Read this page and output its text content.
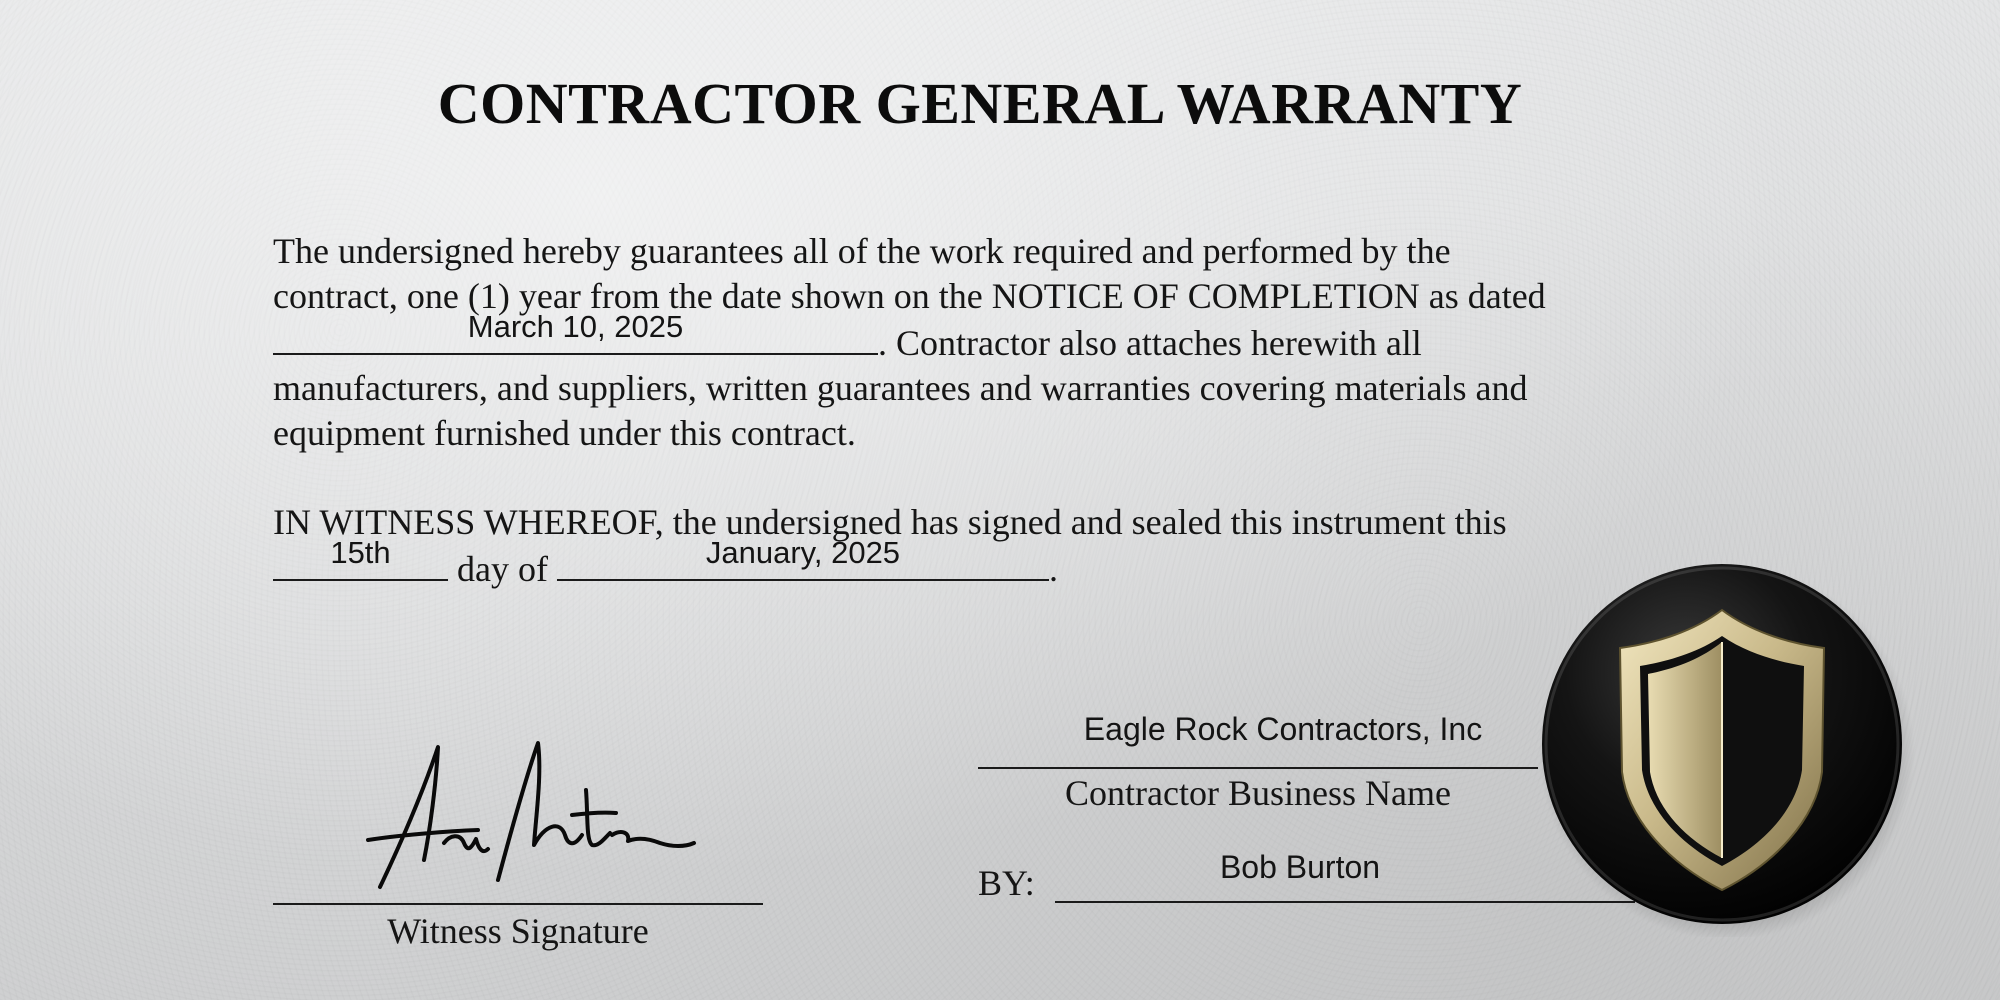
CONTRACTOR GENERAL WARRANTY
The undersigned hereby guarantees all of the work required and performed by the
contract, one (1) year from the date shown on the NOTICE OF COMPLETION as dated
March 10, 2025	. Contractor also attaches herewith all
manufacturers, and suppliers, written guarantees and warranties covering materials and
equipment furnished under this contract.
IN WITNESS WHEREOF, the undersigned has signed and sealed this instrument this
15th	day of	January, 2025	.
Witness Signature
Eagle Rock Contractors, Inc
Contractor Business Name
BY:	Bob Burton
